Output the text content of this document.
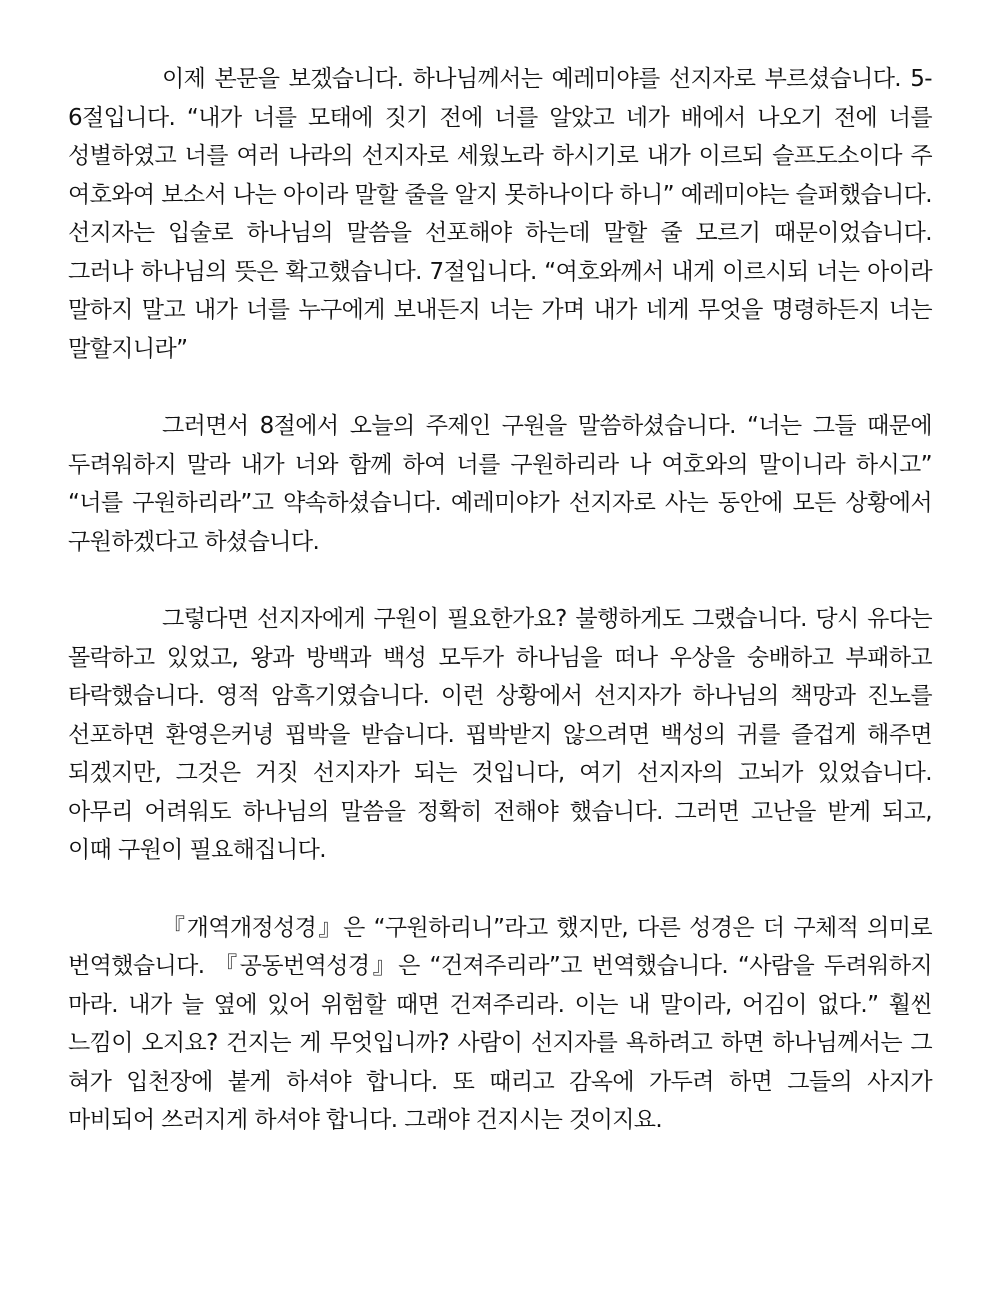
이제 본문을 보겠습니다. 하나님께서는 예레미야를 선지자로 부르셨습니다. 5-6절입니다. “내가 너를 모태에 짓기 전에 너를 알았고 네가 배에서 나오기 전에 너를 성별하였고 너를 여러 나라의 선지자로 세웠노라 하시기로 내가 이르되 슬프도소이다 주 여호와여 보소서 나는 아이라 말할 줄을 알지 못하나이다 하니” 예레미야는 슬퍼했습니다. 선지자는 입술로 하나님의 말씀을 선포해야 하는데 말할 줄 모르기 때문이었습니다. 그러나 하나님의 뜻은 확고했습니다. 7절입니다. “여호와께서 내게 이르시되 너는 아이라 말하지 말고 내가 너를 누구에게 보내든지 너는 가며 내가 네게 무엇을 명령하든지 너는 말할지니라”

그러면서 8절에서 오늘의 주제인 구원을 말씀하셨습니다. “너는 그들 때문에 두려워하지 말라 내가 너와 함께 하여 너를 구원하리라 나 여호와의 말이니라 하시고” “너를 구원하리라”고 약속하셨습니다. 예레미야가 선지자로 사는 동안에 모든 상황에서 구원하겠다고 하셨습니다.

그렇다면 선지자에게 구원이 필요한가요? 불행하게도 그랬습니다. 당시 유다는 몰락하고 있었고, 왕과 방백과 백성 모두가 하나님을 떠나 우상을 숭배하고 부패하고 타락했습니다. 영적 암흑기였습니다. 이런 상황에서 선지자가 하나님의 책망과 진노를 선포하면 환영은커녕 핍박을 받습니다. 핍박받지 않으려면 백성의 귀를 즐겁게 해주면 되겠지만, 그것은 거짓 선지자가 되는 것입니다, 여기 선지자의 고뇌가 있었습니다. 아무리 어려워도 하나님의 말씀을 정확히 전해야 했습니다. 그러면 고난을 받게 되고, 이때 구원이 필요해집니다.

『개역개정성경』은 “구원하리니”라고 했지만, 다른 성경은 더 구체적 의미로 번역했습니다. 『공동번역성경』은 “건져주리라”고 번역했습니다. “사람을 두려워하지 마라. 내가 늘 옆에 있어 위험할 때면 건져주리라. 이는 내 말이라, 어김이 없다.” 훨씬 느낌이 오지요? 건지는 게 무엇입니까? 사람이 선지자를 욕하려고 하면 하나님께서는 그 혀가 입천장에 붙게 하셔야 합니다. 또 때리고 감옥에 가두려 하면 그들의 사지가 마비되어 쓰러지게 하셔야 합니다. 그래야 건지시는 것이지요.
